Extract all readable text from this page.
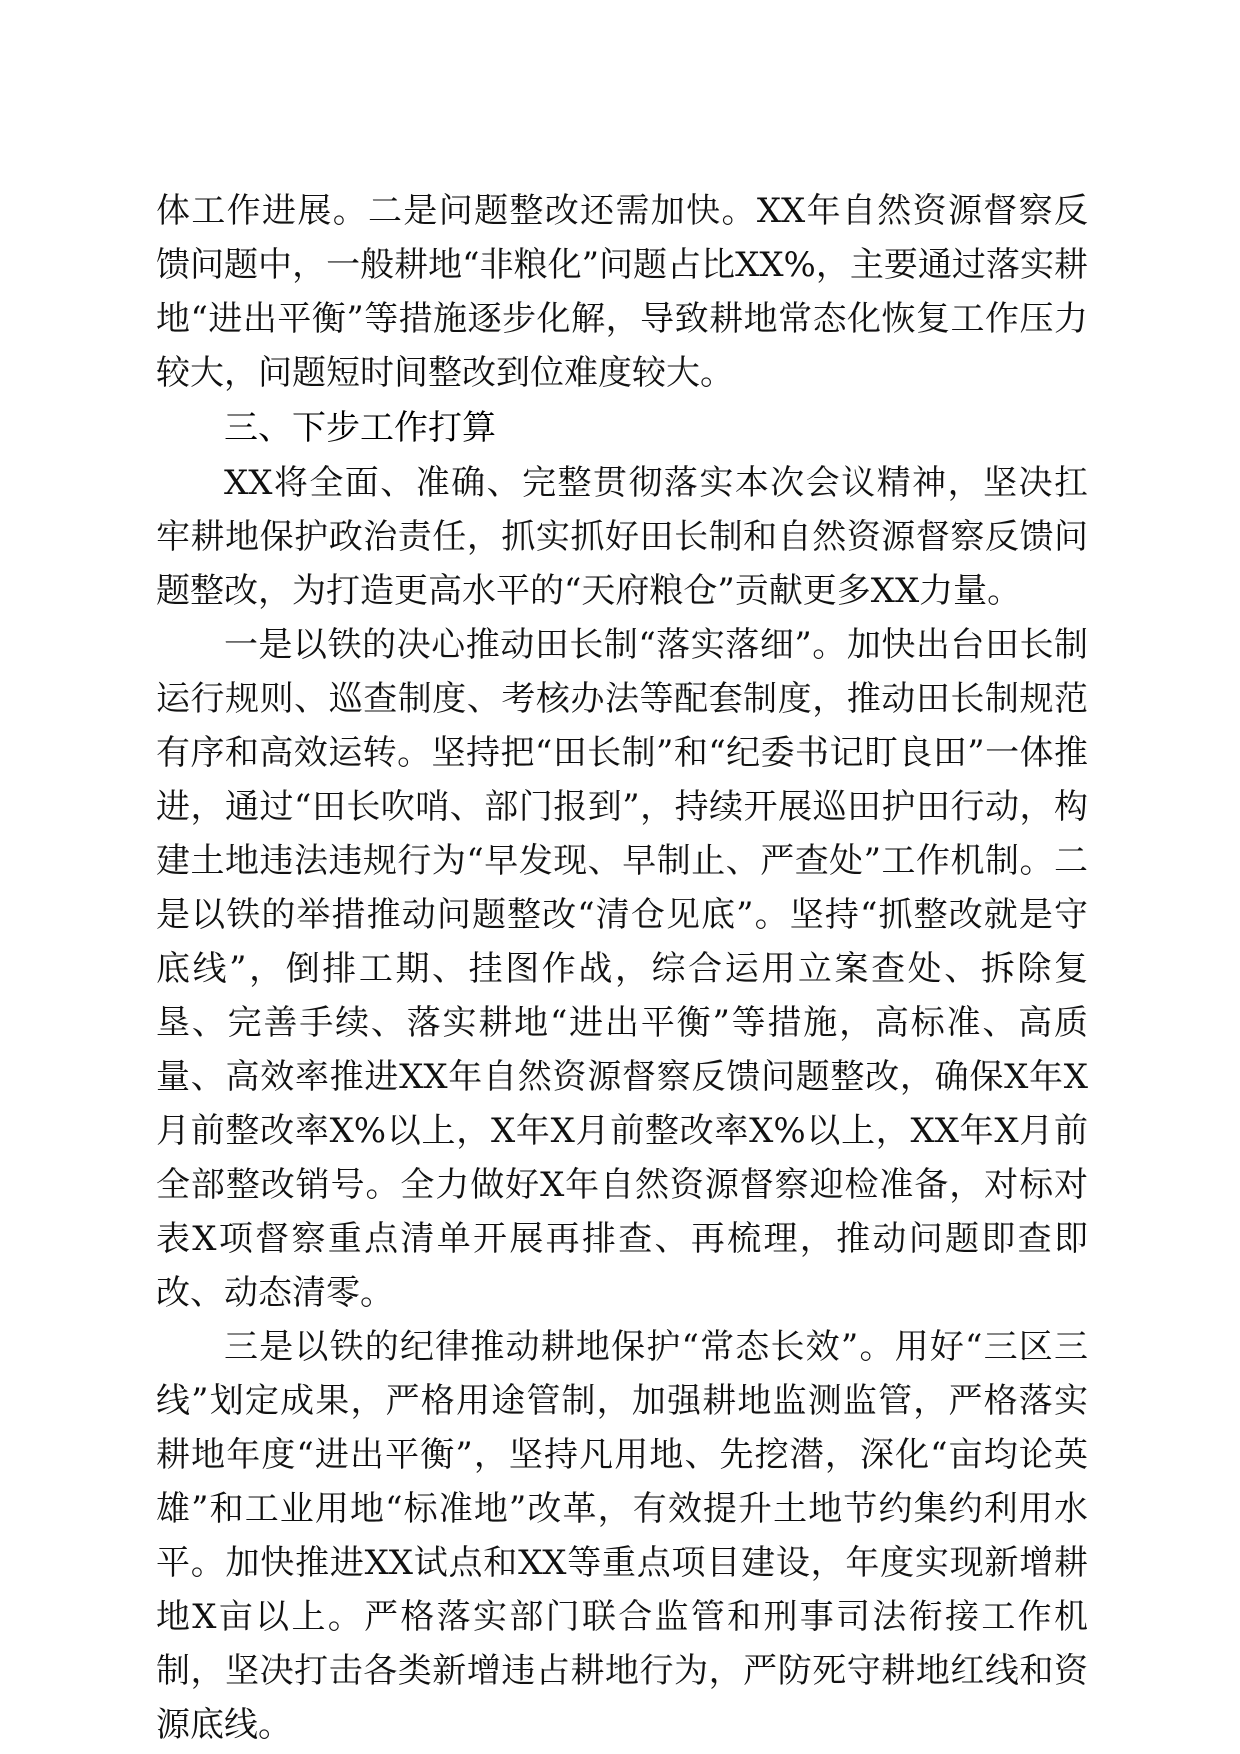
体工作进展。二是问题整改还需加快。XX年自然资源督察反馈问题中，一般耕地“非粮化”问题占比XX%，主要通过落实耕地“进出平衡”等措施逐步化解，导致耕地常态化恢复工作压力较大，问题短时间整改到位难度较大。

三、下步工作打算

XX将全面、准确、完整贯彻落实本次会议精神，坚决扛牢耕地保护政治责任，抓实抓好田长制和自然资源督察反馈问题整改，为打造更高水平的“天府粮仓”贡献更多XX力量。

一是以铁的决心推动田长制“落实落细”。加快出台田长制运行规则、巡查制度、考核办法等配套制度，推动田长制规范有序和高效运转。坚持把“田长制”和“纪委书记盯良田”一体推进，通过“田长吹哨、部门报到”，持续开展巡田护田行动，构建土地违法违规行为“早发现、早制止、严查处”工作机制。二是以铁的举措推动问题整改“清仓见底”。坚持“抓整改就是守底线”，倒排工期、挂图作战，综合运用立案查处、拆除复垦、完善手续、落实耕地“进出平衡”等措施，高标准、高质量、高效率推进XX年自然资源督察反馈问题整改，确保X年X月前整改率X%以上，X年X月前整改率X%以上，XX年X月前全部整改销号。全力做好X年自然资源督察迎检准备，对标对表X项督察重点清单开展再排查、再梳理，推动问题即查即改、动态清零。

三是以铁的纪律推动耕地保护“常态长效”。用好“三区三线”划定成果，严格用途管制，加强耕地监测监管，严格落实耕地年度“进出平衡”，坚持凡用地、先挖潜，深化“亩均论英雄”和工业用地“标准地”改革，有效提升土地节约集约利用水平。加快推进XX试点和XX等重点项目建设，年度实现新增耕地X亩以上。严格落实部门联合监管和刑事司法衔接工作机制，坚决打击各类新增违占耕地行为，严防死守耕地红线和资源底线。
